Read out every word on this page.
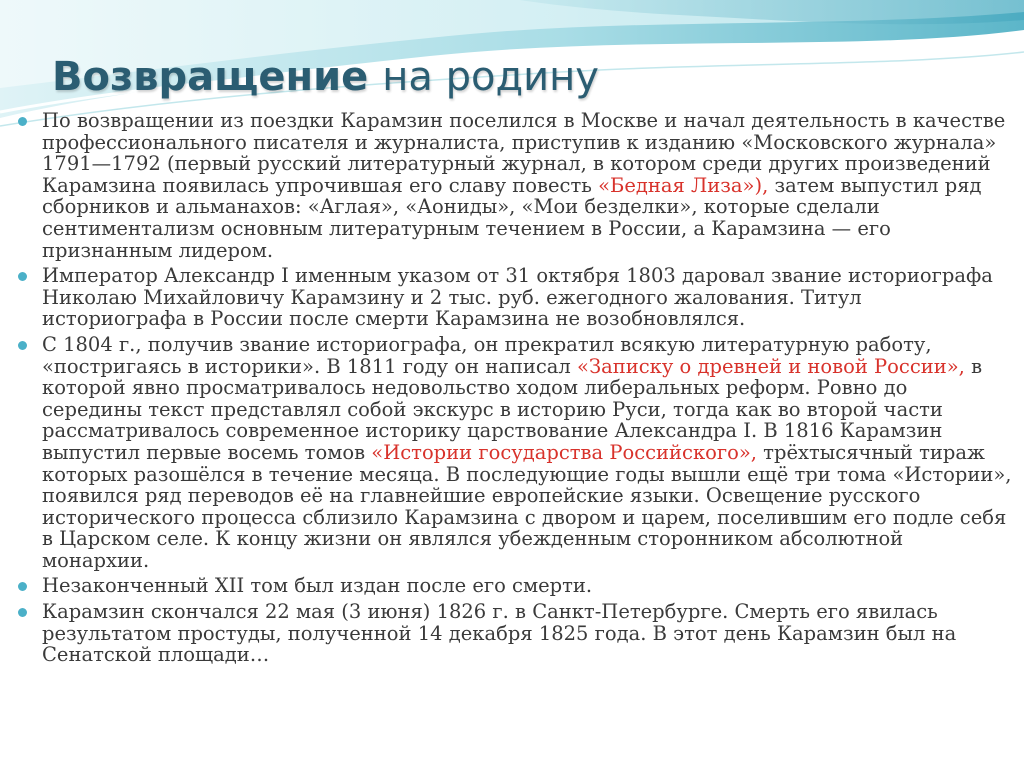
Возвращение на родину
По возвращении из поездки Карамзин поселился в Москве и начал деятельность в качестве профессионального писателя и журналиста, приступив к изданию «Московского журнала» 1791—1792 (первый русский литературный журнал, в котором среди других произведений Карамзина появилась упрочившая его славу повесть «Бедная Лиза»), затем выпустил ряд сборников и альманахов: «Аглая», «Аониды», «Мои безделки», которые сделали сентиментализм основным литературным течением в России, а Карамзина — его признанным лидером.
Император Александр I именным указом от 31 октября 1803 даровал звание историографа Николаю Михайловичу Карамзину и 2 тыс. руб. ежегодного жалования. Титул историографа в России после смерти Карамзина не возобновлялся.
С 1804 г., получив звание историографа, он прекратил всякую литературную работу, «постригаясь в историки». В 1811 году он написал «Записку о древней и новой России», в которой явно просматривалось недовольство ходом либеральных реформ. Ровно до середины текст представлял собой экскурс в историю Руси, тогда как во второй части рассматривалось современное историку царствование Александра I. В 1816 Карамзин выпустил первые восемь томов «Истории государства Российского», трёхтысячный тираж которых разошёлся в течение месяца. В последующие годы вышли ещё три тома «Истории», появился ряд переводов её на главнейшие европейские языки. Освещение русского исторического процесса сблизило Карамзина с двором и царем, поселившим его подле себя в Царском селе. К концу жизни он являлся убежденным сторонником абсолютной монархии.
Незаконченный XII том был издан после его смерти.
Карамзин скончался 22 мая (3 июня) 1826 г. в Санкт-Петербурге. Смерть его явилась результатом простуды, полученной 14 декабря 1825 года. В этот день Карамзин был на Сенатской площади…
